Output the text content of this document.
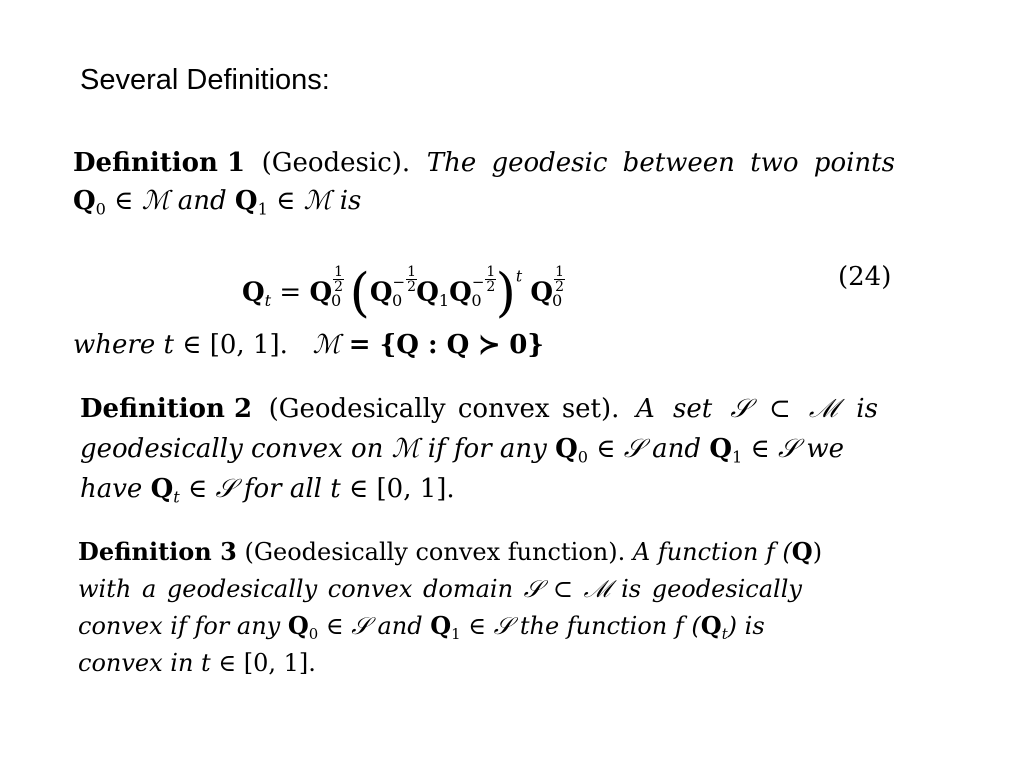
Several Definitions:
Definition 1 (Geodesic). The geodesic between two points
$Q_0$ ∈ ℳ and $Q_1$ ∈ ℳ is
$Q_t = Q \frac{1}{2}$
$_0$ ($Q^- \frac{1}{2}$
$_0$ $Q_1Q^- \frac{1}{2}$
$_0$ )$^t$ Q $\frac{1}{2}$
$_0$
(24)
where t ∈ [0, 1]. ℳ = {Q : Q ≻ 0}
Definition 2 (Geodesically convex set). A set 𝒮 ⊂ ℳ is
geodesically convex on ℳ if for any $Q_0$ ∈ 𝒮 and $Q_1$ ∈ 𝒮 we
have $Q_t$ ∈ 𝒮 for all t ∈ [0, 1].
Definition 3 (Geodesically convex function). A function f (Q)
with a geodesically convex domain 𝒮 ⊂ ℳ is geodesically
convex if for any $Q_0$ ∈ 𝒮 and $Q_1$ ∈ 𝒮 the function f $(Q_t)$ is
convex in t ∈ [0, 1].
